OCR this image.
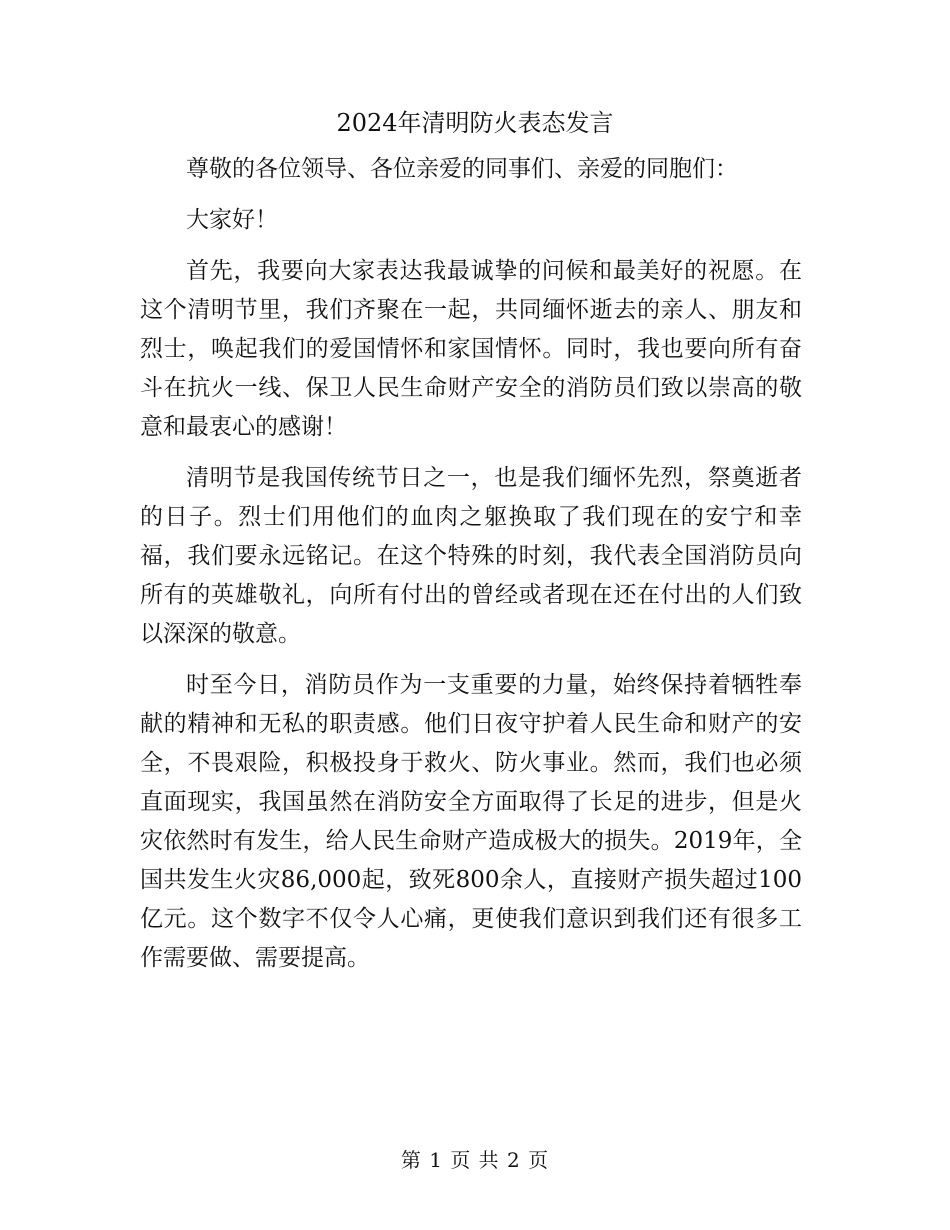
2024年清明防火表态发言

尊敬的各位领导、各位亲爱的同事们、亲爱的同胞们：

大家好！

首先，我要向大家表达我最诚挚的问候和最美好的祝愿。在这个清明节里，我们齐聚在一起，共同缅怀逝去的亲人、朋友和烈士，唤起我们的爱国情怀和家国情怀。同时，我也要向所有奋斗在抗火一线、保卫人民生命财产安全的消防员们致以崇高的敬意和最衷心的感谢！

清明节是我国传统节日之一，也是我们缅怀先烈，祭奠逝者的日子。烈士们用他们的血肉之躯换取了我们现在的安宁和幸福，我们要永远铭记。在这个特殊的时刻，我代表全国消防员向所有的英雄敬礼，向所有付出的曾经或者现在还在付出的人们致以深深的敬意。

时至今日，消防员作为一支重要的力量，始终保持着牺牲奉献的精神和无私的职责感。他们日夜守护着人民生命和财产的安全，不畏艰险，积极投身于救火、防火事业。然而，我们也必须直面现实，我国虽然在消防安全方面取得了长足的进步，但是火灾依然时有发生，给人民生命财产造成极大的损失。2019年，全国共发生火灾86,000起，致死800余人，直接财产损失超过100亿元。这个数字不仅令人心痛，更使我们意识到我们还有很多工作需要做、需要提高。

第 1 页 共 2 页
